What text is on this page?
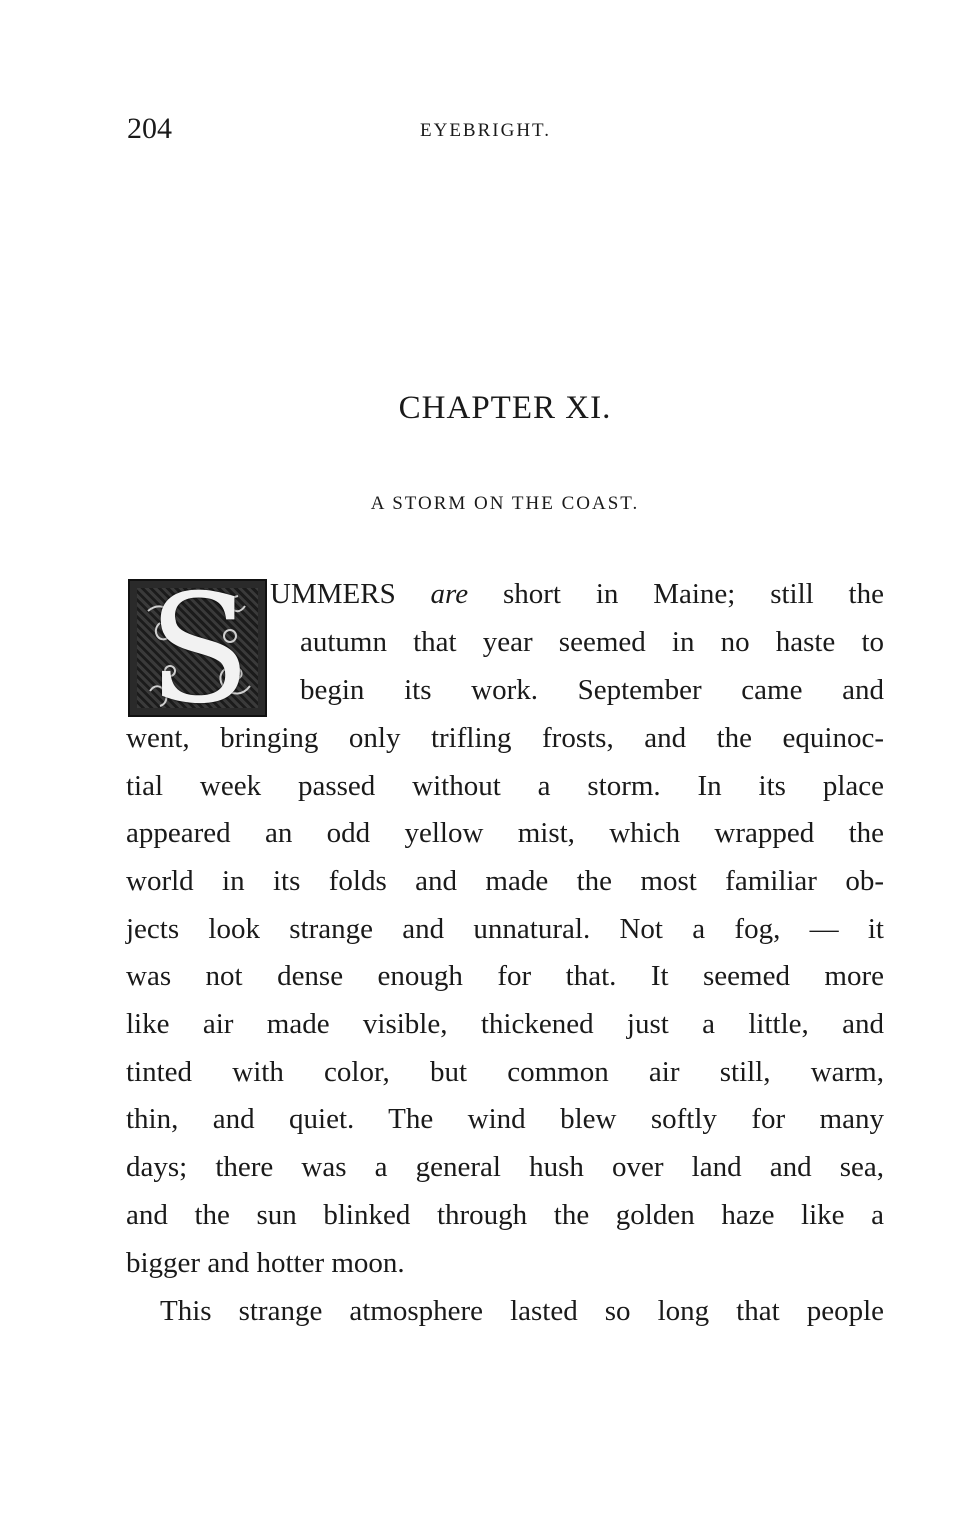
204	EYEBRIGHT.
CHAPTER XI.
A STORM ON THE COAST.
S UMMERS are short in Maine; still the
autumn that year seemed in no haste to
begin its work. September came and
went, bringing only trifling frosts, and the equinoc-
tial week passed without a storm. In its place
appeared an odd yellow mist, which wrapped the
world in its folds and made the most familiar ob-
jects look strange and unnatural. Not a fog, — it
was not dense enough for that. It seemed more
like air made visible, thickened just a little, and
tinted with color, but common air still, warm,
thin, and quiet. The wind blew softly for many
days; there was a general hush over land and sea,
and the sun blinked through the golden haze like a
bigger and hotter moon.
This strange atmosphere lasted so long that people
